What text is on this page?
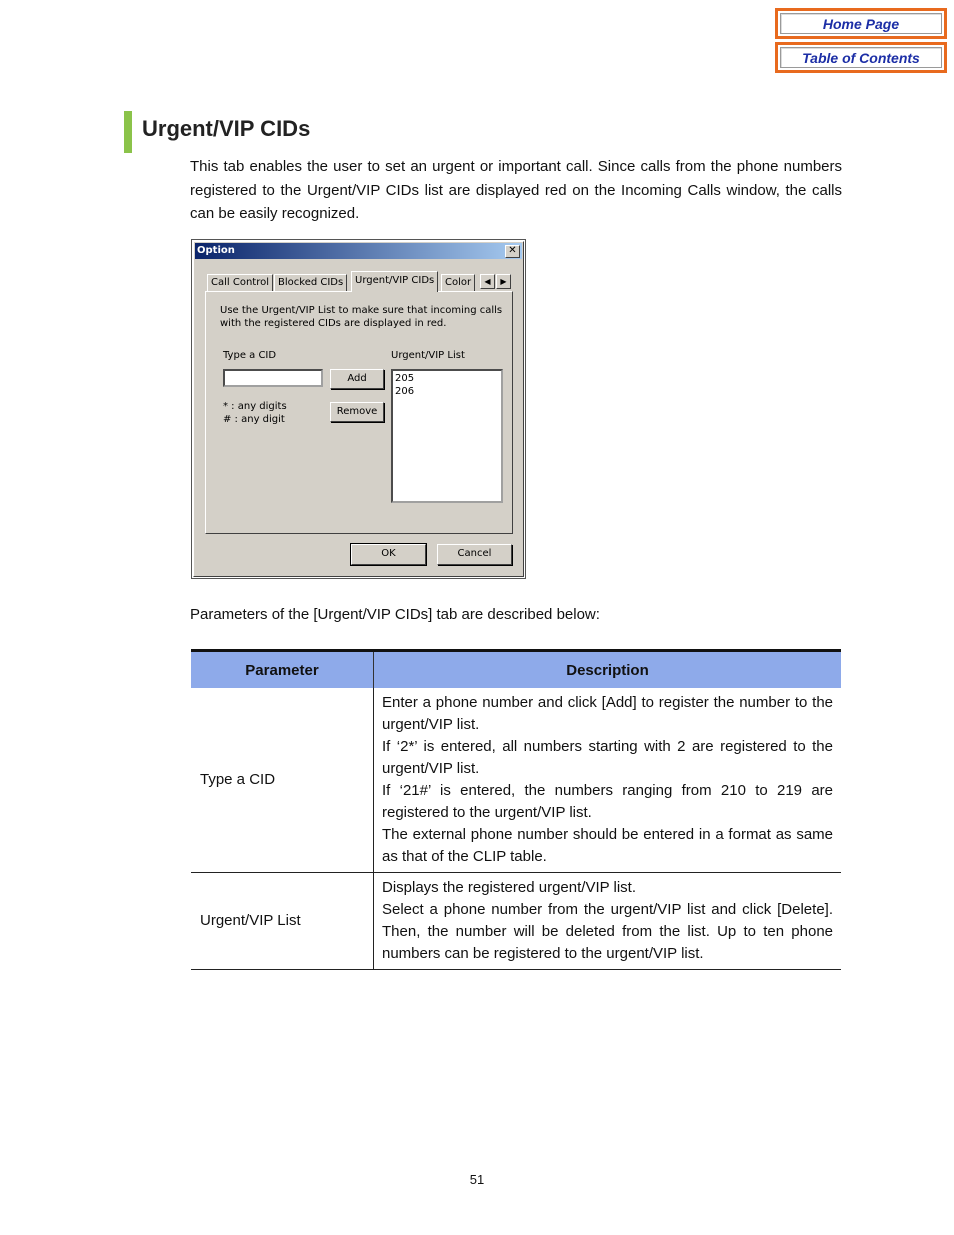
Home Page
Table of Contents
Urgent/VIP CIDs
This tab enables the user to set an urgent or important call. Since calls from the phone numbers registered to the Urgent/VIP CIDs list are displayed red on the Incoming Calls window, the calls can be easily recognized.
Option	✕
Call Control Blocked CIDs	Urgent/VIP CIDs	Color	◀	▶
Use the Urgent/VIP List to make sure that incoming calls
with the registered CIDs are displayed in red.
Type a CID
Add
Remove
* : any digits
# : any digit
Urgent/VIP List
205
206
OK	Cancel
Parameters of the [Urgent/VIP CIDs] tab are described below:
Parameter	Description
Type a CID	Enter a phone number and click [Add] to register the number to the urgent/VIP list.
If ‘2*’ is entered, all numbers starting with 2 are registered to the urgent/VIP list.
If ‘21#’ is entered, the numbers ranging from 210 to 219 are registered to the urgent/VIP list.
The external phone number should be entered in a format as same as that of the CLIP table.

Urgent/VIP List	Displays the registered urgent/VIP list.
Select a phone number from the urgent/VIP list and click [Delete]. Then, the number will be deleted from the list. Up to ten phone numbers can be registered to the urgent/VIP list.
51
